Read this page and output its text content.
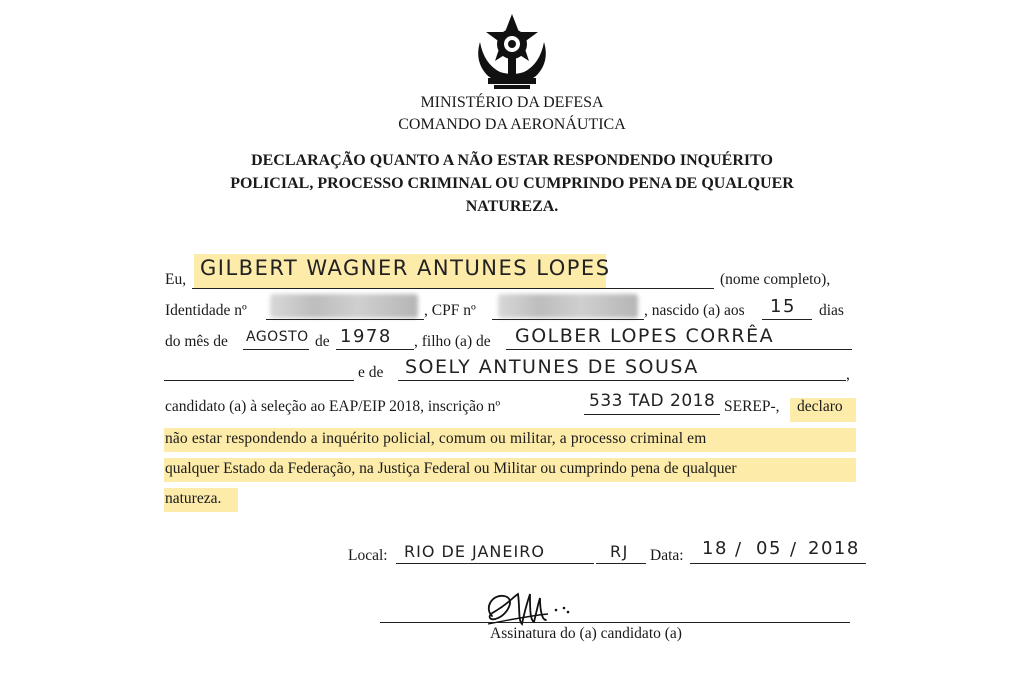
MINISTÉRIO DA DEFESA
COMANDO DA AERONÁUTICA
DECLARAÇÃO QUANTO A NÃO ESTAR RESPONDENDO INQUÉRITO
POLICIAL, PROCESSO CRIMINAL OU CUMPRINDO PENA DE QUALQUER
NATUREZA.
Eu, GILBERT WAGNER ANTUNES LOPES	(nome completo),
Identidade nº	, CPF nº	, nascido (a) aos 15 dias
do mês de AGOSTO de 1978 , filho (a) de GOLBER LOPES CORRÊA
e de SOELY ANTUNES DE SOUSA	,
candidato (a) à seleção ao EAP/EIP 2018, inscrição nº	533 TAD 2018 SEREP-, declaro
não estar respondendo a inquérito policial, comum ou militar, a processo criminal em
qualquer Estado da Federação, na Justiça Federal ou Militar ou cumprindo pena de qualquer
natureza.
Local: RIO DE JANEIRO	RJ Data: 18 / 05 / 2018
Assinatura do (a) candidato (a)
